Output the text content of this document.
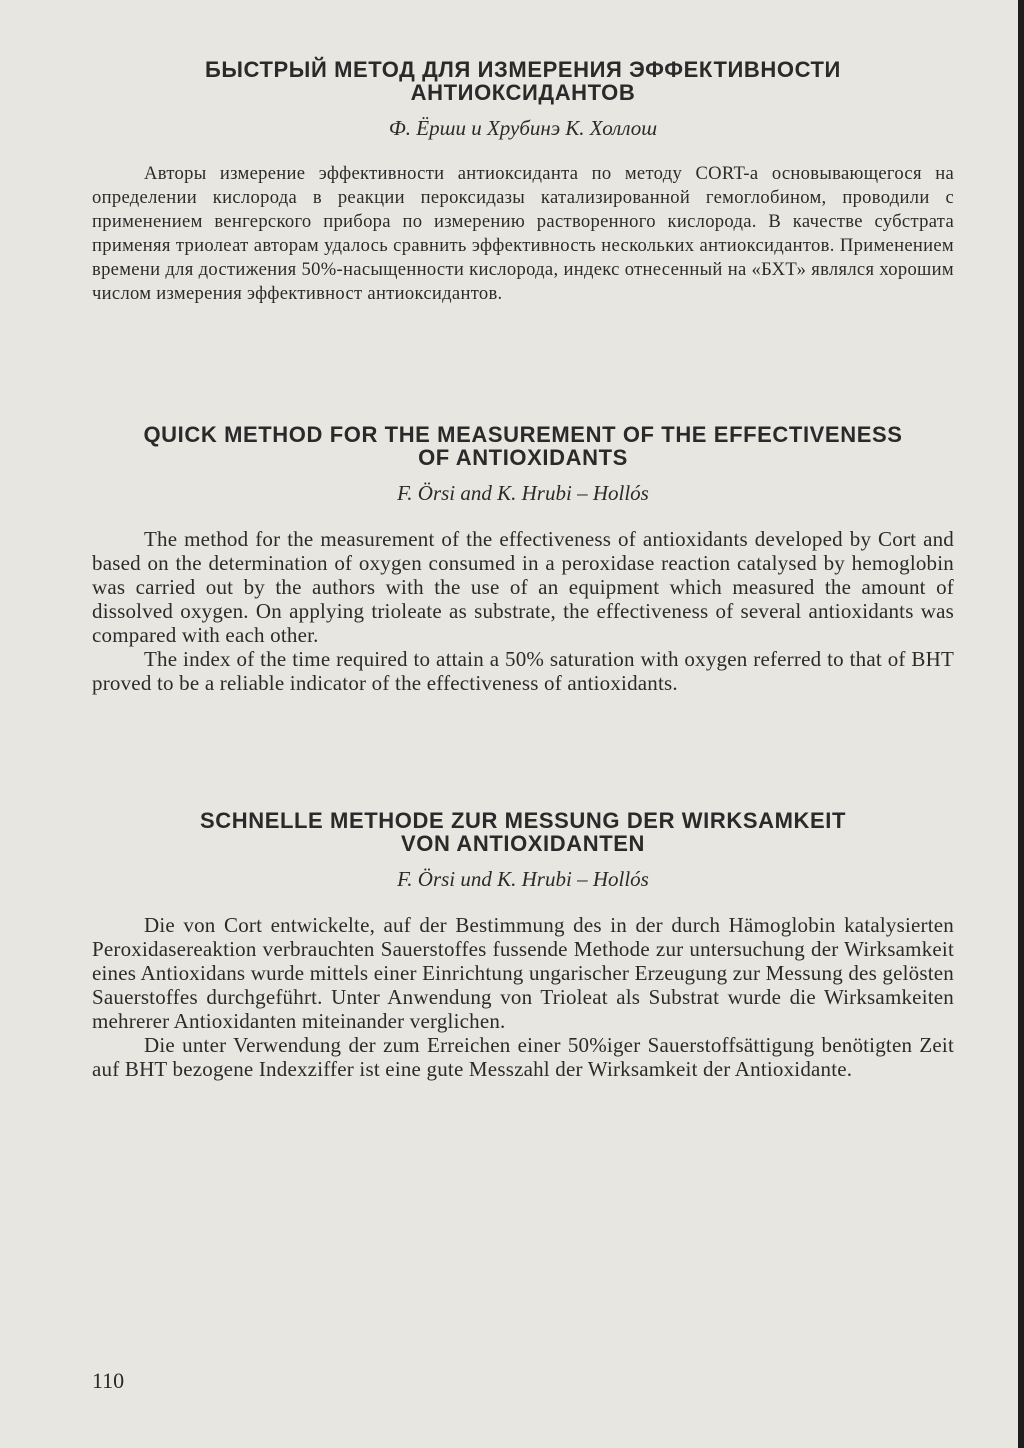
БЫСТРЫЙ МЕТОД ДЛЯ ИЗМЕРЕНИЯ ЭФФЕКТИВНОСТИ
АНТИОКСИДАНТОВ
Ф. Ёрши и Хрубинэ К. Холлош

Авторы измерение эффективности антиоксиданта по методу CORT-а основывающегося на определении кислорода в реакции пероксидазы катализированной гемоглобином, проводили с применением венгерского прибора по измерению растворенного кислорода. В качестве субстрата применяя триолеат авторам удалось сравнить эффективность нескольких антиоксидантов. Применением времени для достижения 50%-насыщенности кислорода, индекс отнесенный на «БХТ» являлся хорошим числом измерения эффективност антиоксидантов.

QUICK METHOD FOR THE MEASUREMENT OF THE EFFECTIVENESS
OF ANTIOXIDANTS
F. Örsi and K. Hrubi – Hollós

The method for the measurement of the effectiveness of antioxidants developed by Cort and based on the determination of oxygen consumed in a peroxidase reaction catalysed by hemoglobin was carried out by the authors with the use of an equipment which measured the amount of dissolved oxygen. On applying trioleate as substrate, the effectiveness of several antioxidants was compared with each other.

The index of the time required to attain a 50% saturation with oxygen referred to that of BHT proved to be a reliable indicator of the effectiveness of antioxidants.

SCHNELLE METHODE ZUR MESSUNG DER WIRKSAMKEIT
VON ANTIOXIDANTEN
F. Örsi und K. Hrubi – Hollós

Die von Cort entwickelte, auf der Bestimmung des in der durch Hämoglobin katalysierten Peroxidasereaktion verbrauchten Sauerstoffes fussende Methode zur untersuchung der Wirksamkeit eines Antioxidans wurde mittels einer Einrichtung ungarischer Erzeugung zur Messung des gelösten Sauerstoffes durchgeführt. Unter Anwendung von Trioleat als Substrat wurde die Wirksamkeiten mehrerer Antioxidanten miteinander verglichen.

Die unter Verwendung der zum Erreichen einer 50%iger Sauerstoffsättigung benötigten Zeit auf BHT bezogene Indexziffer ist eine gute Messzahl der Wirksamkeit der Antioxidante.

110
